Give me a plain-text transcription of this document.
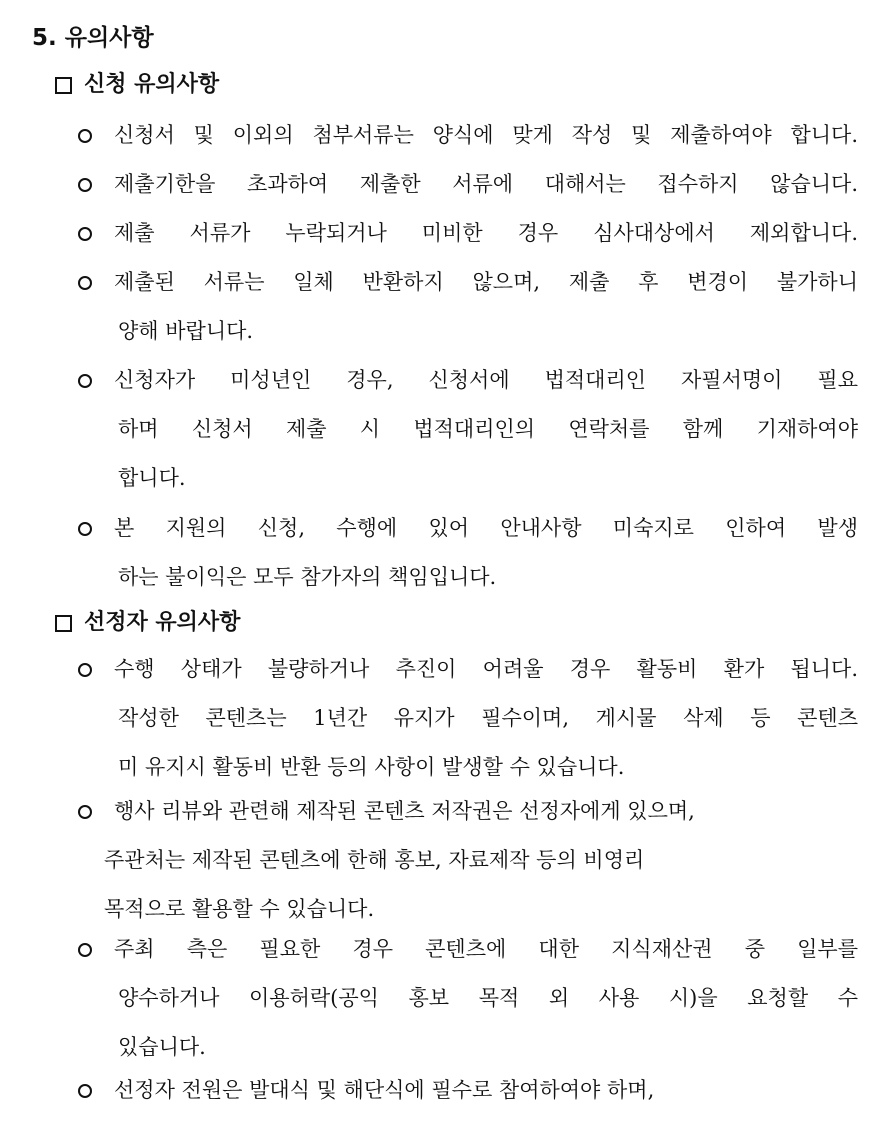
5. 유의사항
신청 유의사항
신청서 및 이외의 첨부서류는 양식에 맞게 작성 및 제출하여야 합니다.
제출기한을 초과하여 제출한 서류에 대해서는 접수하지 않습니다.
제출 서류가 누락되거나 미비한 경우 심사대상에서 제외합니다.
제출된 서류는 일체 반환하지 않으며, 제출 후 변경이 불가하니
양해 바랍니다.
신청자가 미성년인 경우, 신청서에 법적대리인 자필서명이 필요
하며 신청서 제출 시 법적대리인의 연락처를 함께 기재하여야
합니다.
본 지원의 신청, 수행에 있어 안내사항 미숙지로 인하여 발생
하는 불이익은 모두 참가자의 책임입니다.
선정자 유의사항
수행 상태가 불량하거나 추진이 어려울 경우 활동비 환가 됩니다.
작성한 콘텐츠는 1년간 유지가 필수이며, 게시물 삭제 등 콘텐츠
미 유지시 활동비 반환 등의 사항이 발생할 수 있습니다.
행사 리뷰와 관련해 제작된 콘텐츠 저작권은 선정자에게 있으며,
주관처는 제작된 콘텐츠에 한해 홍보, 자료제작 등의 비영리
목적으로 활용할 수 있습니다.
주최 측은 필요한 경우 콘텐츠에 대한 지식재산권 중 일부를
양수하거나 이용허락(공익 홍보 목적 외 사용 시)을 요청할 수
있습니다.
선정자 전원은 발대식 및 해단식에 필수로 참여하여야 하며,
